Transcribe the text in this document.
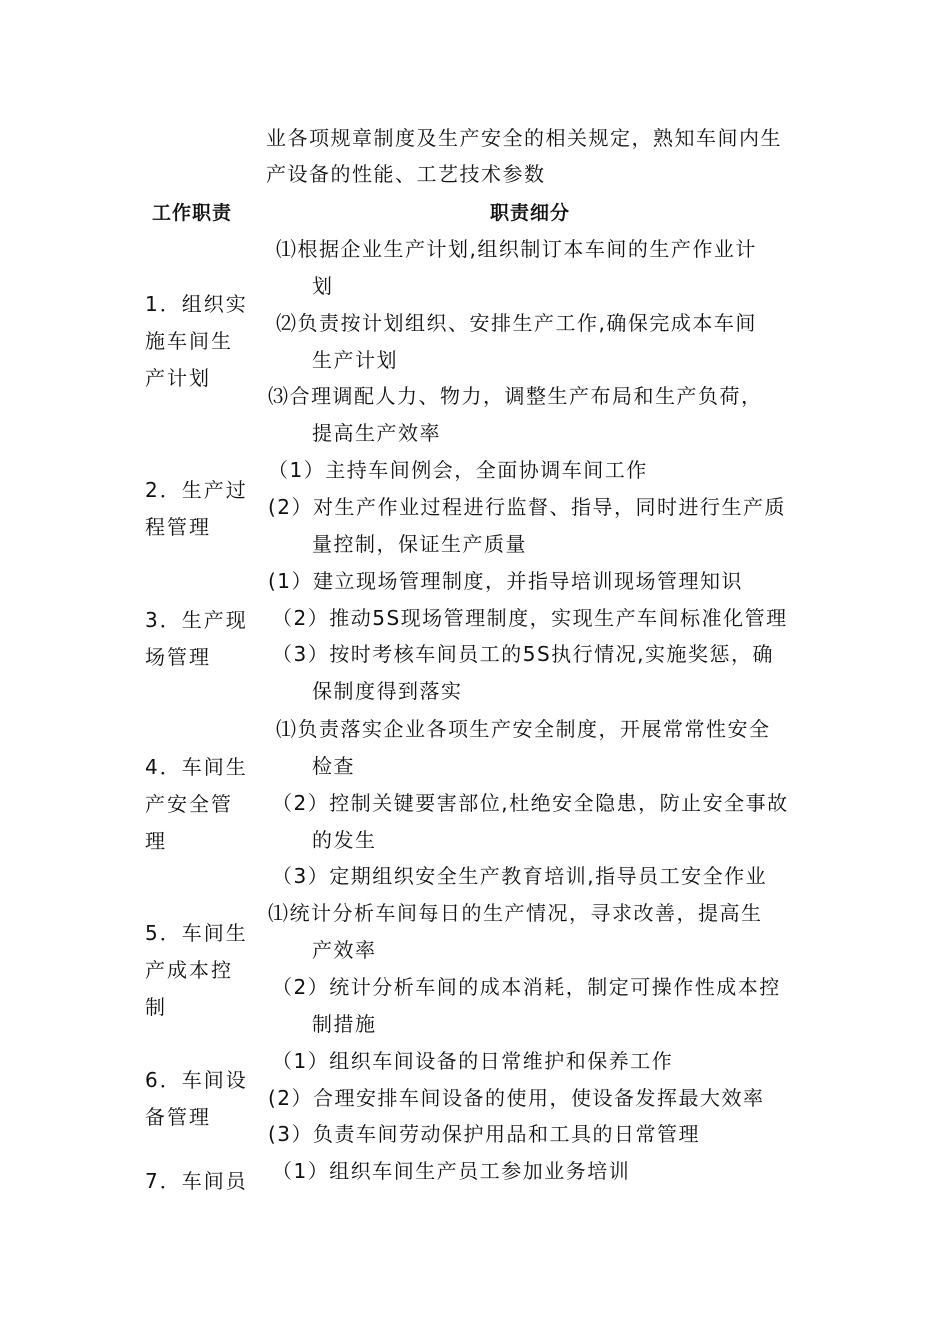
业各项规章制度及生产安全的相关规定，熟知车间内生
产设备的性能、工艺技术参数
工作职责	职责细分
1．组织实
施车间生
产计划
⑴根据企业生产计划,组织制订本车间的生产作业计
划
⑵负责按计划组织、安排生产工作,确保完成本车间
生产计划
⑶合理调配人力、物力，调整生产布局和生产负荷，
提高生产效率
2．生产过
程管理
（1）主持车间例会，全面协调车间工作
(2）对生产作业过程进行监督、指导，同时进行生产质
量控制，保证生产质量
3．生产现
场管理
(1）建立现场管理制度，并指导培训现场管理知识
（2）推动5S现场管理制度，实现生产车间标准化管理
（3）按时考核车间员工的5S执行情况,实施奖惩，确
保制度得到落实
4．车间生
产安全管
理
⑴负责落实企业各项生产安全制度，开展常常性安全
检查
（2）控制关键要害部位,杜绝安全隐患，防止安全事故
的发生
（3）定期组织安全生产教育培训,指导员工安全作业
5．车间生
产成本控
制
⑴统计分析车间每日的生产情况，寻求改善，提高生
产效率
（2）统计分析车间的成本消耗，制定可操作性成本控
制措施
6．车间设
备管理
（1）组织车间设备的日常维护和保养工作
(2）合理安排车间设备的使用，使设备发挥最大效率
(3）负责车间劳动保护用品和工具的日常管理
7．车间员 （1）组织车间生产员工参加业务培训
